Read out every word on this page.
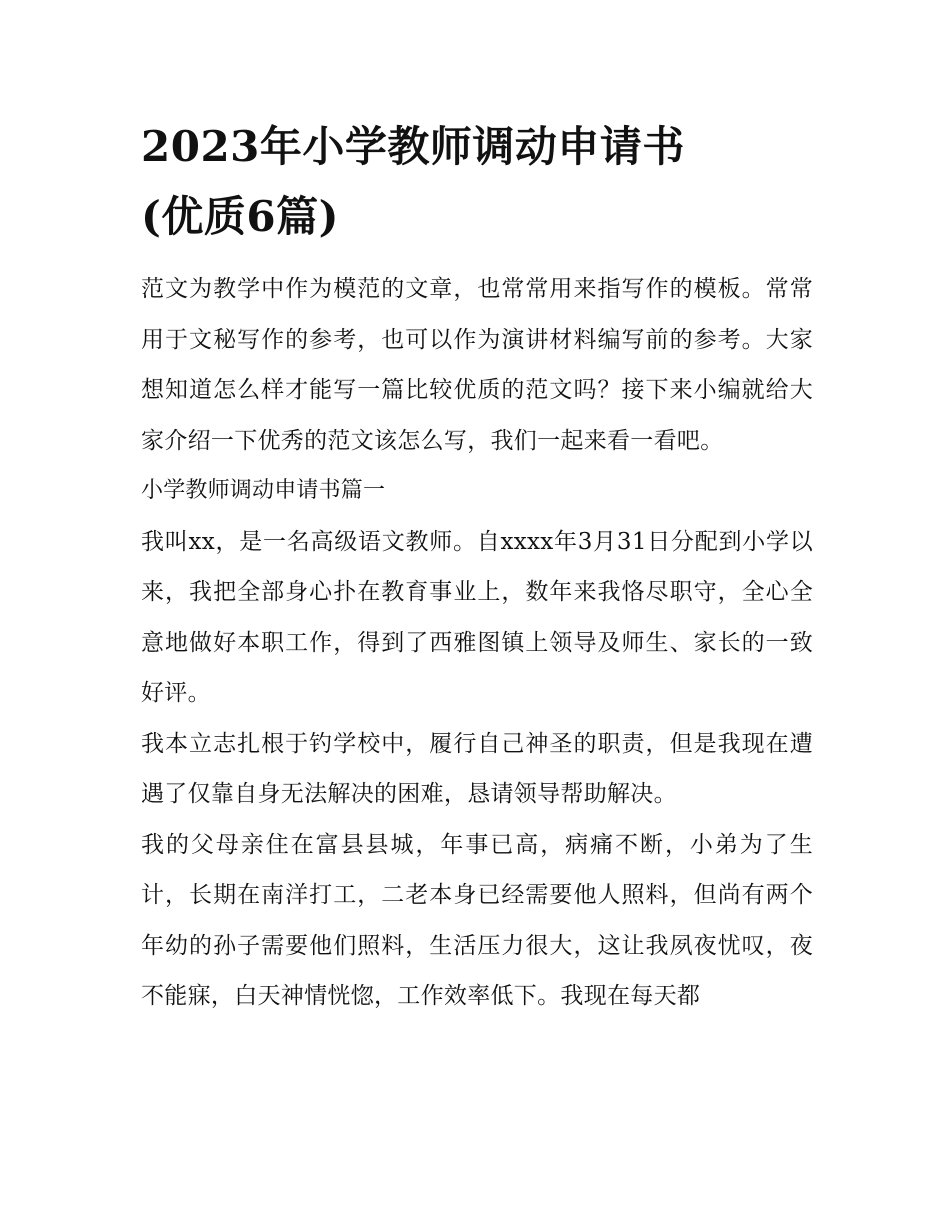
2023年小学教师调动申请书
(优质6篇)

范文为教学中作为模范的文章，也常常用来指写作的模板。常常用于文秘写作的参考，也可以作为演讲材料编写前的参考。大家想知道怎么样才能写一篇比较优质的范文吗？接下来小编就给大家介绍一下优秀的范文该怎么写，我们一起来看一看吧。

小学教师调动申请书篇一

我叫xx，是一名高级语文教师。自xxxx年3月31日分配到小学以来，我把全部身心扑在教育事业上，数年来我恪尽职守，全心全意地做好本职工作，得到了西雅图镇上领导及师生、家长的一致好评。

我本立志扎根于钓学校中，履行自己神圣的职责，但是我现在遭遇了仅靠自身无法解决的困难，恳请领导帮助解决。

我的父母亲住在富县县城，年事已高，病痛不断，小弟为了生计，长期在南洋打工，二老本身已经需要他人照料，但尚有两个年幼的孙子需要他们照料，生活压力很大，这让我夙夜忧叹，夜不能寐，白天神情恍惚，工作效率低下。我现在每天都
